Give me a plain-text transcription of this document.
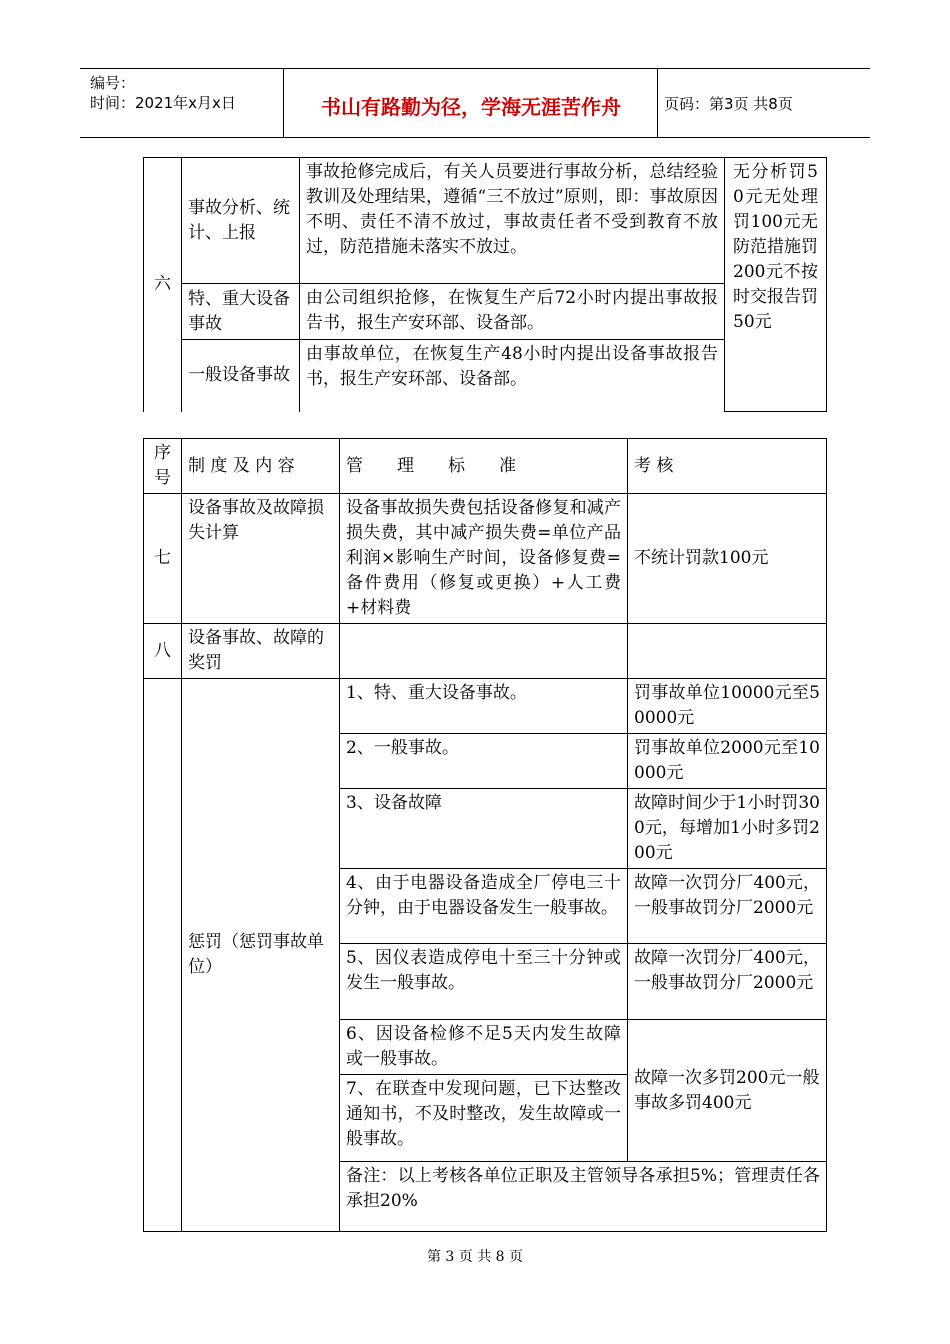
编号：
时间：2021年x月x日	书山有路勤为径，学海无涯苦作舟	页码：第3页 共8页
六	事故分析、统计、上报	事故抢修完成后，有关人员要进行事故分析，总结经验教训及处理结果，遵循“三不放过”原则，即：事故原因不明、责任不清不放过，事故责任者不受到教育不放过，防范措施未落实不放过。	无分析罚50元无处理罚100元无防范措施罚200元不按时交报告罚50元
	特、重大设备事故	由公司组织抢修，在恢复生产后72小时内提出事故报告书，报生产安环部、设备部。	
	一般设备事故	由事故单位，在恢复生产48小时内提出设备事故报告书，报生产安环部、设备部。	
序号	制 度 及 内 容	管　　理　　标　　准	考 核
七	设备事故及故障损失计算	设备事故损失费包括设备修复和减产损失费，其中减产损失费=单位产品利润×影响生产时间，设备修复费=备件费用（修复或更换）+人工费+材料费	不统计罚款100元
八	设备事故、故障的奖罚		
	惩罚（惩罚事故单位）	1、特、重大设备事故。	罚事故单位10000元至50000元
		2、一般事故。	罚事故单位2000元至10000元
		3、设备故障	故障时间少于1小时罚300元，每增加1小时多罚200元
		4、由于电器设备造成全厂停电三十分钟，由于电器设备发生一般事故。	故障一次罚分厂400元，一般事故罚分厂2000元
		5、因仪表造成停电十至三十分钟或发生一般事故。	故障一次罚分厂400元，一般事故罚分厂2000元
		6、因设备检修不足5天内发生故障或一般事故。	故障一次多罚200元一般事故多罚400元
		7、在联查中发现问题，已下达整改通知书，不及时整改，发生故障或一般事故。	
		备注：以上考核各单位正职及主管领导各承担5%；管理责任各承担20%	
第 3 页 共 8 页
